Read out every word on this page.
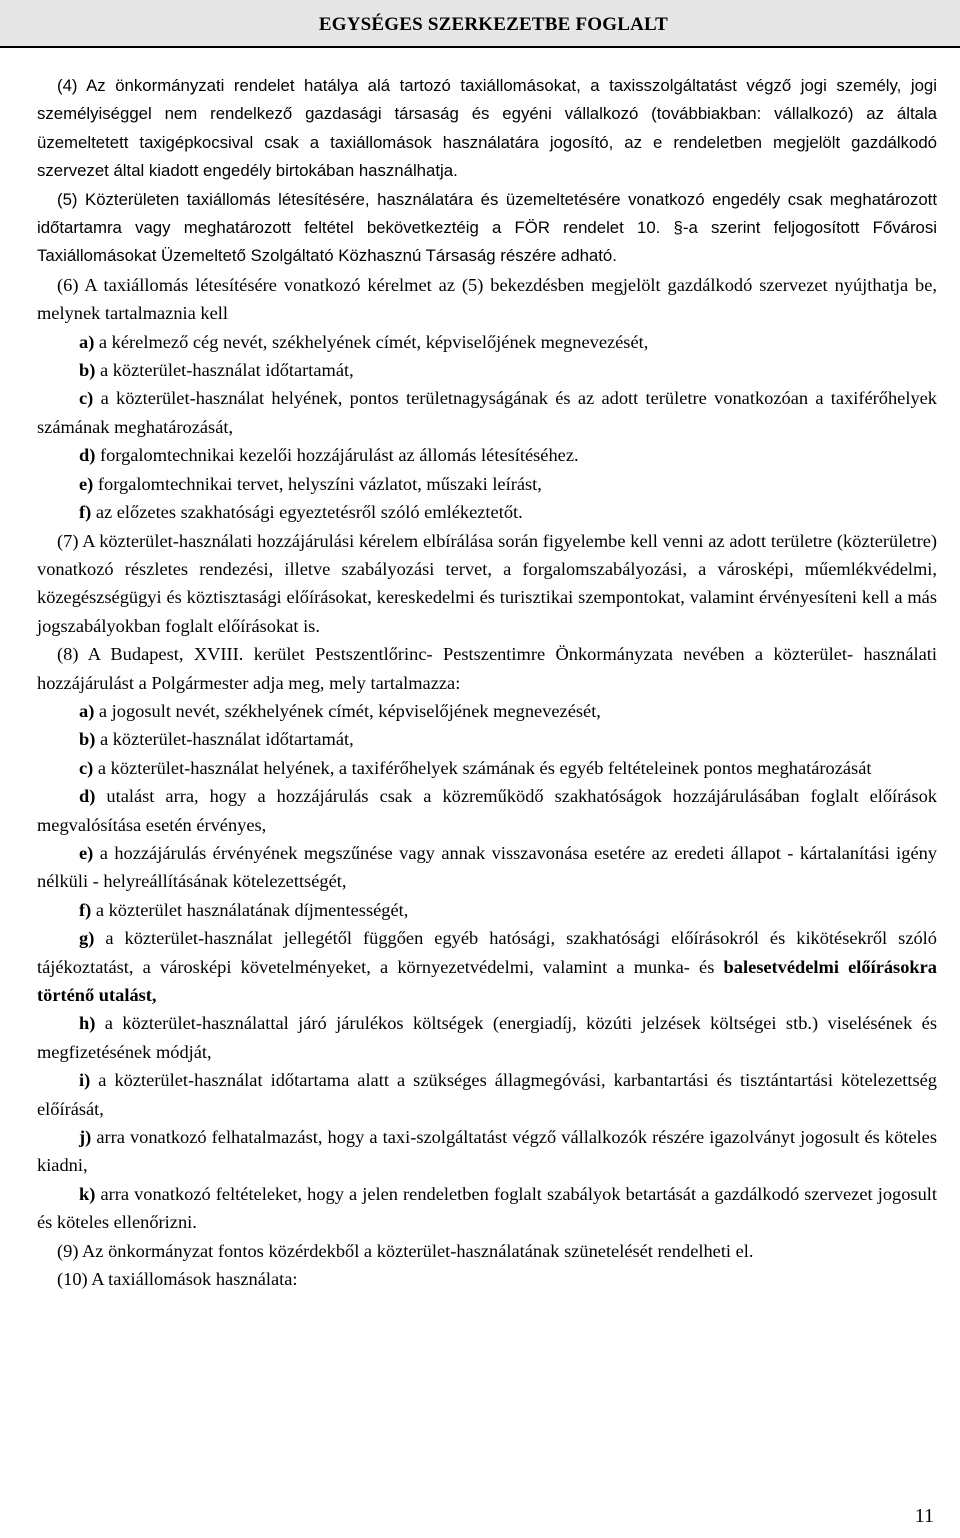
EGYSÉGES SZERKEZETBE FOGLALT

(4) Az önkormányzati rendelet hatálya alá tartozó taxiállomásokat, a taxisszolgáltatást végző jogi személy, jogi személyiséggel nem rendelkező gazdasági társaság és egyéni vállalkozó (továbbiakban: vállalkozó) az általa üzemeltetett taxigépkocsival csak a taxiállomások használatára jogosító, az e rendeletben megjelölt gazdálkodó szervezet által kiadott engedély birtokában használhatja.

(5) Közterületen taxiállomás létesítésére, használatára és üzemeltetésére vonatkozó engedély csak meghatározott időtartamra vagy meghatározott feltétel bekövetkeztéig a FÖR rendelet 10. §-a szerint feljogosított Fővárosi Taxiállomásokat Üzemeltető Szolgáltató Közhasznú Társaság részére adható.

(6) A taxiállomás létesítésére vonatkozó kérelmet az (5) bekezdésben megjelölt gazdálkodó szervezet nyújthatja be, melynek tartalmaznia kell

a) a kérelmező cég nevét, székhelyének címét, képviselőjének megnevezését,

b) a közterület-használat időtartamát,

c) a közterület-használat helyének, pontos területnagyságának és az adott területre vonatkozóan a taxiférőhelyek számának meghatározását,

d) forgalomtechnikai kezelői hozzájárulást az állomás létesítéséhez.

e) forgalomtechnikai tervet, helyszíni vázlatot, műszaki leírást,

f) az előzetes szakhatósági egyeztetésről szóló emlékeztetőt.

(7) A közterület-használati hozzájárulási kérelem elbírálása során figyelembe kell venni az adott területre (közterületre) vonatkozó részletes rendezési, illetve szabályozási tervet, a forgalomszabályozási, a városképi, műemlékvédelmi, közegészségügyi és köztisztasági előírásokat, kereskedelmi és turisztikai szempontokat, valamint érvényesíteni kell a más jogszabályokban foglalt előírásokat is.

(8) A Budapest, XVIII. kerület Pestszentlőrinc- Pestszentimre Önkormányzata nevében a közterület- használati hozzájárulást a Polgármester adja meg, mely tartalmazza:

a) a jogosult nevét, székhelyének címét, képviselőjének megnevezését,

b) a közterület-használat időtartamát,

c) a közterület-használat helyének, a taxiférőhelyek számának és egyéb feltételeinek pontos meghatározását

d) utalást arra, hogy a hozzájárulás csak a közreműködő szakhatóságok hozzájárulásában foglalt előírások megvalósítása esetén érvényes,

e) a hozzájárulás érvényének megszűnése vagy annak visszavonása esetére az eredeti állapot - kártalanítási igény nélküli - helyreállításának kötelezettségét,

f) a közterület használatának díjmentességét,

g) a közterület-használat jellegétől függően egyéb hatósági, szakhatósági előírásokról és kikötésekről szóló tájékoztatást, a városképi követelményeket, a környezetvédelmi, valamint a munka- és balesetvédelmi előírásokra történő utalást,

h) a közterület-használattal járó járulékos költségek (energiadíj, közúti jelzések költségei stb.) viselésének és megfizetésének módját,

i) a közterület-használat időtartama alatt a szükséges állagmegóvási, karbantartási és tisztántartási kötelezettség előírását,

j) arra vonatkozó felhatalmazást, hogy a taxi-szolgáltatást végző vállalkozók részére igazolványt jogosult és köteles kiadni,

k) arra vonatkozó feltételeket, hogy a jelen rendeletben foglalt szabályok betartását a gazdálkodó szervezet jogosult és köteles ellenőrizni.

(9) Az önkormányzat fontos közérdekből a közterület-használatának szünetelését rendelheti el.

(10) A taxiállomások használata:

11
